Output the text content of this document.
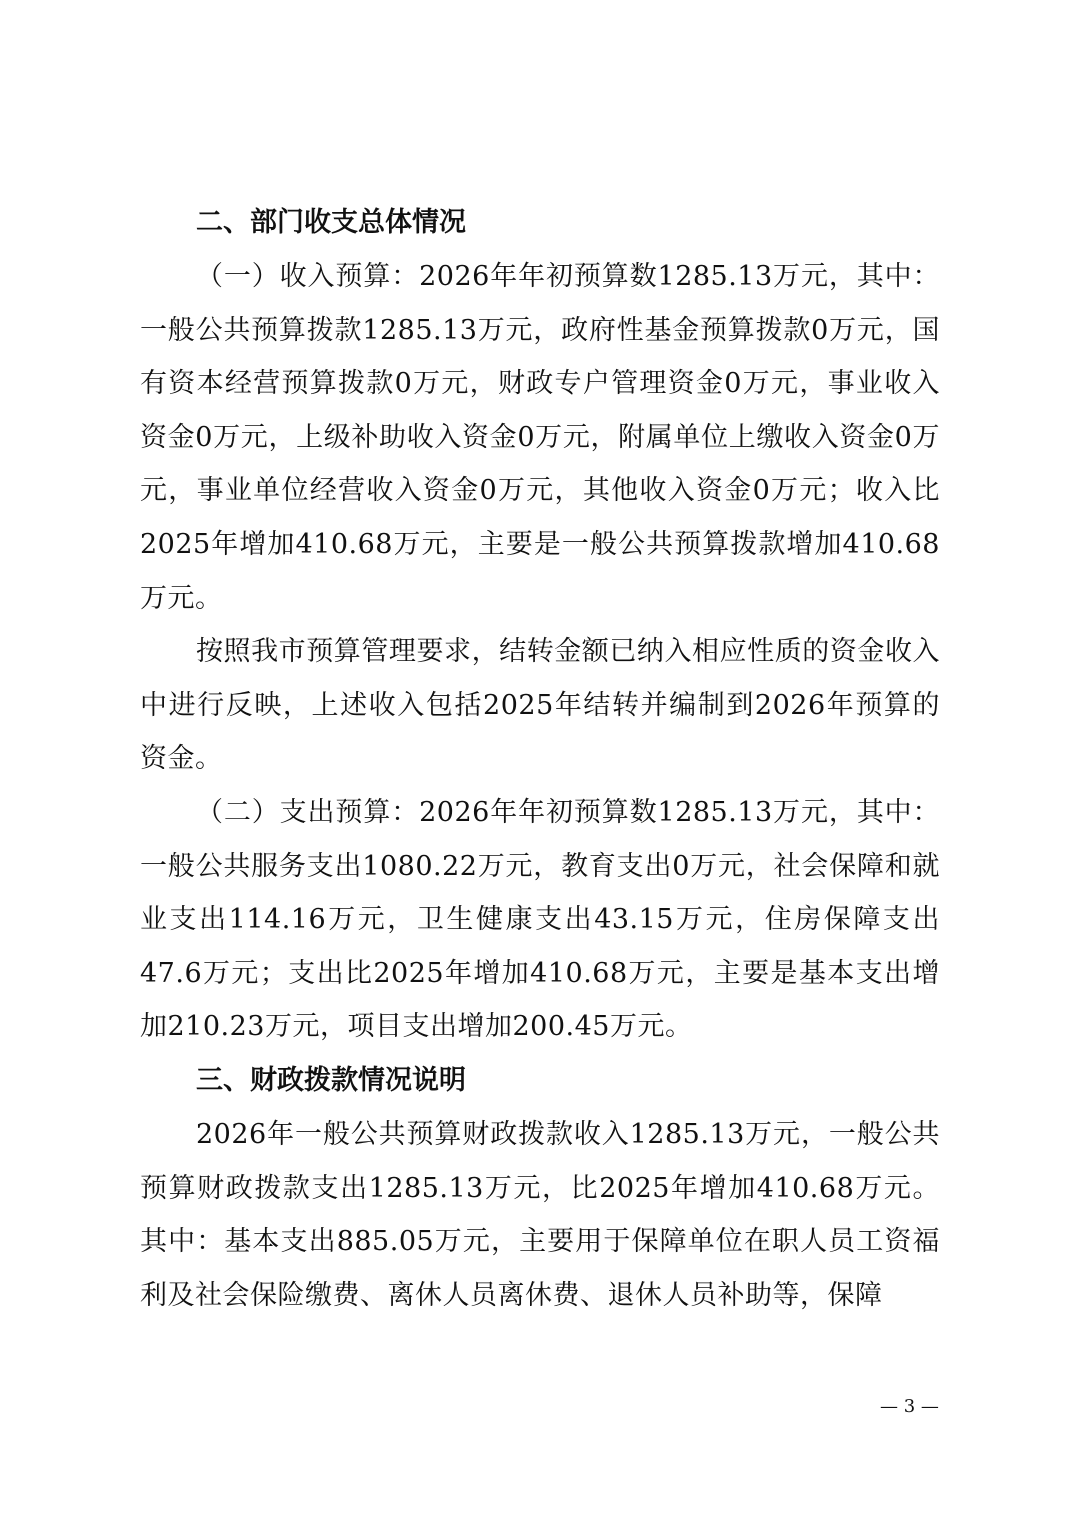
二、部门收支总体情况

（一）收入预算：2026年年初预算数1285.13万元，其中：一般公共预算拨款1285.13万元，政府性基金预算拨款0万元，国有资本经营预算拨款0万元，财政专户管理资金0万元，事业收入资金0万元，上级补助收入资金0万元，附属单位上缴收入资金0万元，事业单位经营收入资金0万元，其他收入资金0万元；收入比2025年增加410.68万元，主要是一般公共预算拨款增加410.68万元。

按照我市预算管理要求，结转金额已纳入相应性质的资金收入中进行反映，上述收入包括2025年结转并编制到2026年预算的资金。

（二）支出预算：2026年年初预算数1285.13万元，其中：一般公共服务支出1080.22万元，教育支出0万元，社会保障和就业支出114.16万元，卫生健康支出43.15万元，住房保障支出47.6万元；支出比2025年增加410.68万元，主要是基本支出增加210.23万元，项目支出增加200.45万元。

三、财政拨款情况说明

2026年一般公共预算财政拨款收入1285.13万元，一般公共预算财政拨款支出1285.13万元，比2025年增加410.68万元。其中：基本支出885.05万元，主要用于保障单位在职人员工资福利及社会保险缴费、离休人员离休费、退休人员补助等，保障

— 3 —
